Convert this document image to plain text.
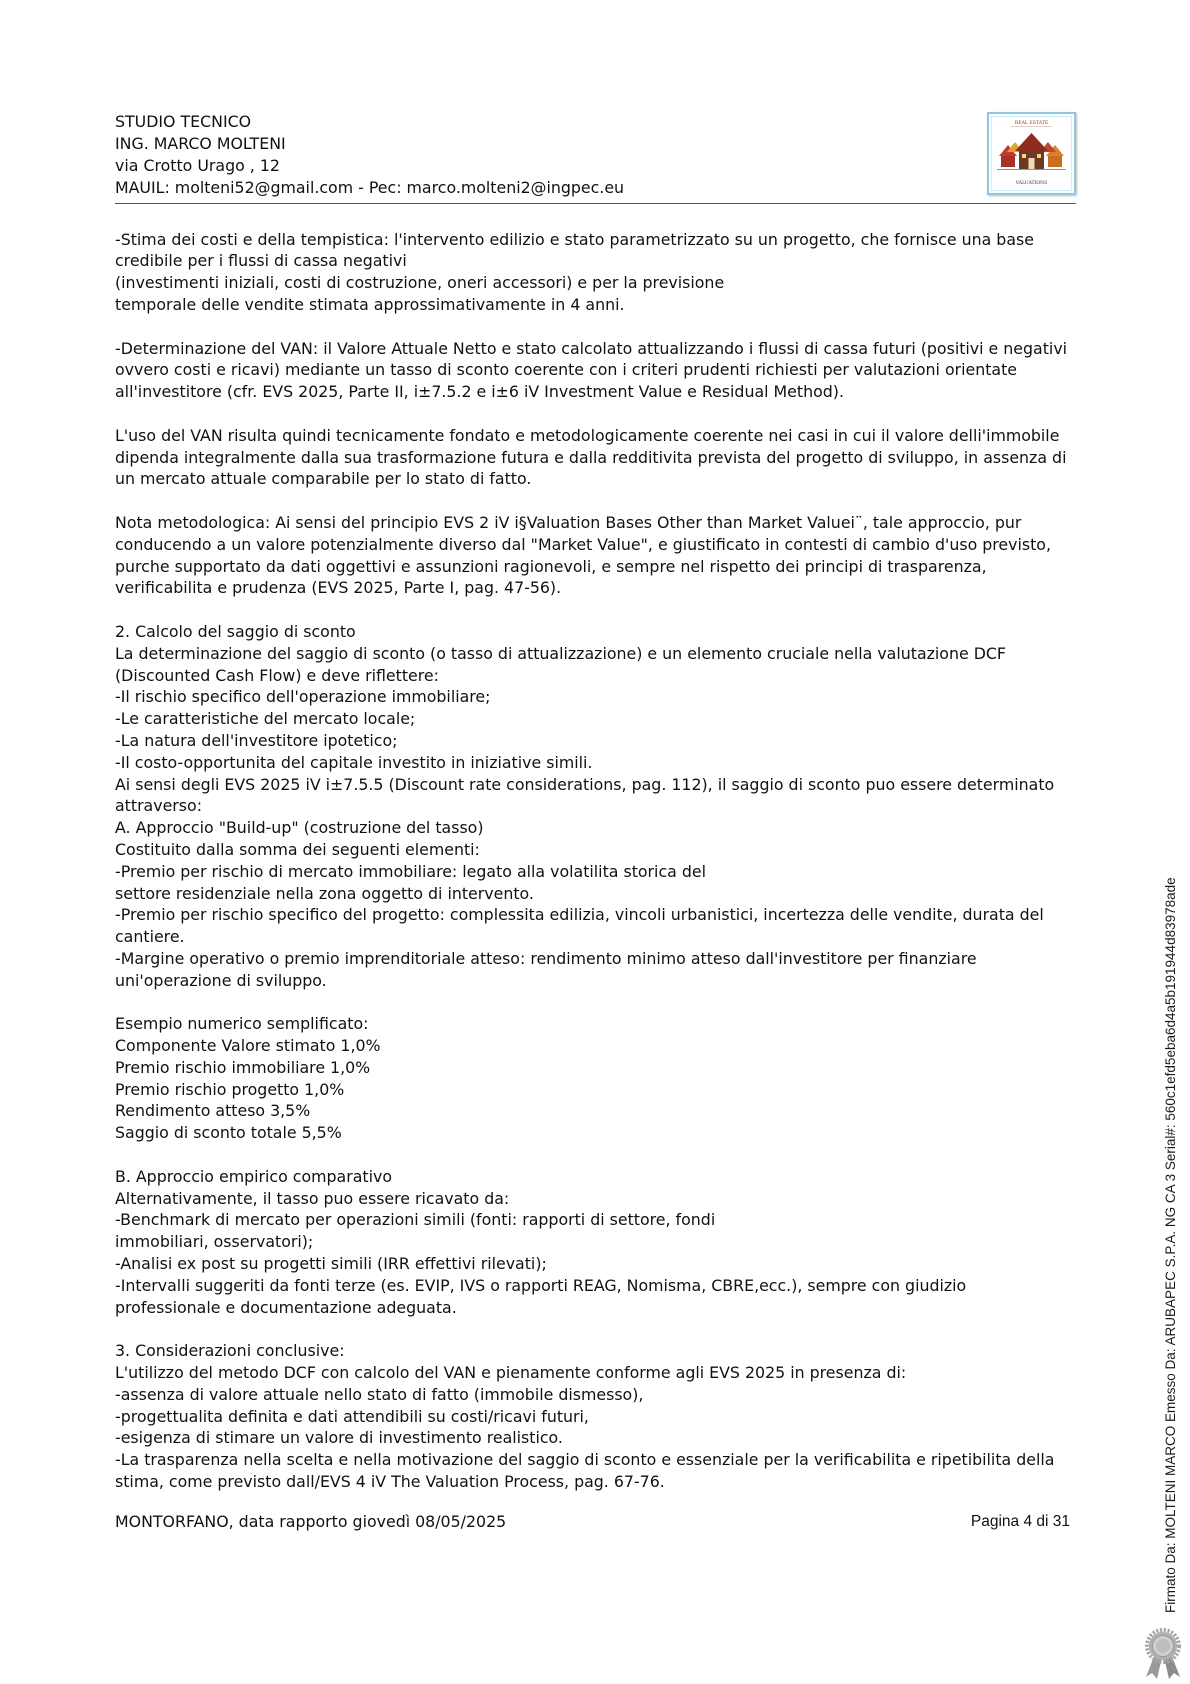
STUDIO TECNICO
ING. MARCO MOLTENI
via Crotto Urago , 12
MAUIL: molteni52@gmail.com - Pec: marco.molteni2@ingpec.eu
REAL ESTATE
VALUATIONS
-Stima dei costi e della tempistica: l'intervento edilizio e stato parametrizzato su un progetto, che fornisce una base
credibile per i flussi di cassa negativi
(investimenti iniziali, costi di costruzione, oneri accessori) e per la previsione
temporale delle vendite stimata approssimativamente in 4 anni.
-Determinazione del VAN: il Valore Attuale Netto e stato calcolato attualizzando i flussi di cassa futuri (positivi e negativi
ovvero costi e ricavi) mediante un tasso di sconto coerente con i criteri prudenti richiesti per valutazioni orientate
all'investitore (cfr. EVS 2025, Parte II, i±7.5.2 e i±6 iV Investment Value e Residual Method).
L'uso del VAN risulta quindi tecnicamente fondato e metodologicamente coerente nei casi in cui il valore delli'immobile
dipenda integralmente dalla sua trasformazione futura e dalla redditivita prevista del progetto di sviluppo, in assenza di
un mercato attuale comparabile per lo stato di fatto.
Nota metodologica: Ai sensi del principio EVS 2 iV i§Valuation Bases Other than Market Valuei¨, tale approccio, pur
conducendo a un valore potenzialmente diverso dal "Market Value", e giustificato in contesti di cambio d'uso previsto,
purche supportato da dati oggettivi e assunzioni ragionevoli, e sempre nel rispetto dei principi di trasparenza,
verificabilita e prudenza (EVS 2025, Parte I, pag. 47-56).
2. Calcolo del saggio di sconto
La determinazione del saggio di sconto (o tasso di attualizzazione) e un elemento cruciale nella valutazione DCF
(Discounted Cash Flow) e deve riflettere:
-Il rischio specifico dell'operazione immobiliare;
-Le caratteristiche del mercato locale;
-La natura dell'investitore ipotetico;
-Il costo-opportunita del capitale investito in iniziative simili.
Ai sensi degli EVS 2025 iV i±7.5.5 (Discount rate considerations, pag. 112), il saggio di sconto puo essere determinato
attraverso:
A. Approccio "Build-up" (costruzione del tasso)
Costituito dalla somma dei seguenti elementi:
-Premio per rischio di mercato immobiliare: legato alla volatilita storica del
settore residenziale nella zona oggetto di intervento.
-Premio per rischio specifico del progetto: complessita edilizia, vincoli urbanistici, incertezza delle vendite, durata del
cantiere.
-Margine operativo o premio imprenditoriale atteso: rendimento minimo atteso dall'investitore per finanziare
uni'operazione di sviluppo.
Esempio numerico semplificato:
Componente Valore stimato 1,0%
Premio rischio immobiliare 1,0%
Premio rischio progetto 1,0%
Rendimento atteso 3,5%
Saggio di sconto totale 5,5%
B. Approccio empirico comparativo
Alternativamente, il tasso puo essere ricavato da:
-Benchmark di mercato per operazioni simili (fonti: rapporti di settore, fondi
immobiliari, osservatori);
-Analisi ex post su progetti simili (IRR effettivi rilevati);
-Intervalli suggeriti da fonti terze (es. EVIP, IVS o rapporti REAG, Nomisma, CBRE,ecc.), sempre con giudizio
professionale e documentazione adeguata.
3. Considerazioni conclusive:
L'utilizzo del metodo DCF con calcolo del VAN e pienamente conforme agli EVS 2025 in presenza di:
-assenza di valore attuale nello stato di fatto (immobile dismesso),
-progettualita definita e dati attendibili su costi/ricavi futuri,
-esigenza di stimare un valore di investimento realistico.
-La trasparenza nella scelta e nella motivazione del saggio di sconto e essenziale per la verificabilita e ripetibilita della
stima, come previsto dall/EVS 4 iV The Valuation Process, pag. 67-76.
MONTORFANO, data rapporto giovedì 08/05/2025	Pagina 4 di 31	Firmato Da: MOLTENI MARCO Emesso Da: ARUBAPEC S.P.A. NG CA 3 Serial#: 560c1efd5eba6d4a5b191944d83978ade
